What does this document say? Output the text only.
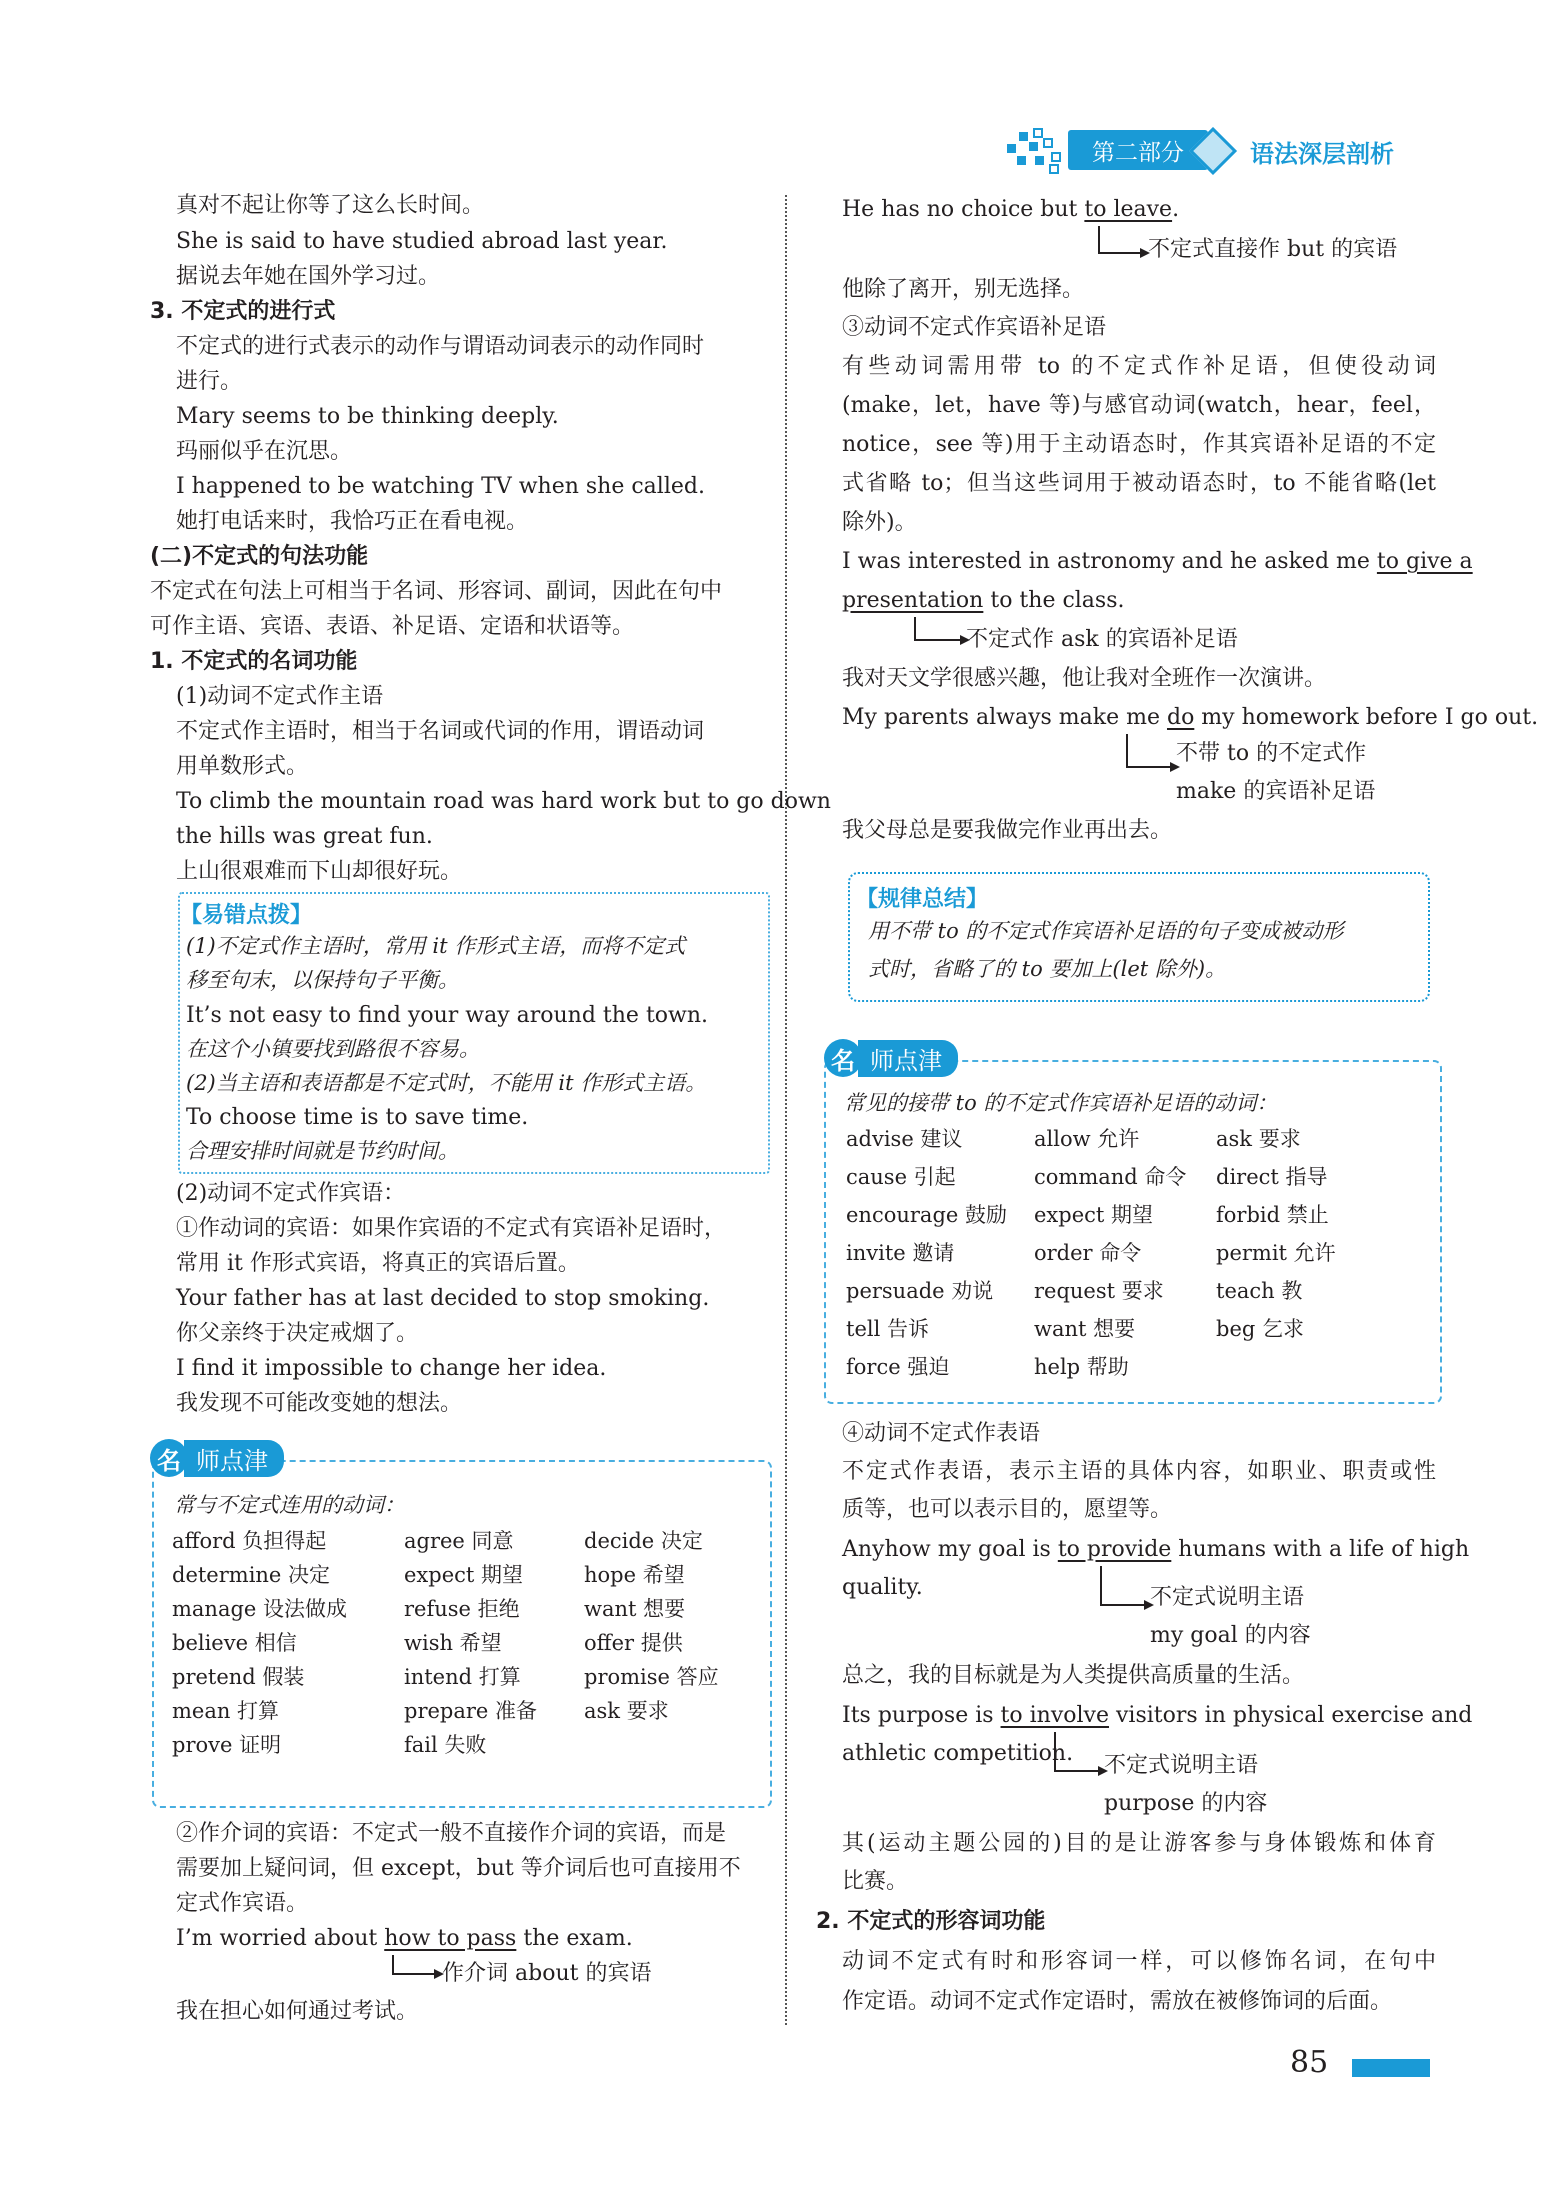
第二部分	语法深层剖析
真对不起让你等了这么长时间。
She is said to have studied abroad last year.
据说去年她在国外学习过。
3. 不定式的进行式
不定式的进行式表示的动作与谓语动词表示的动作同时
进行。
Mary seems to be thinking deeply.
玛丽似乎在沉思。
I happened to be watching TV when she called.
她打电话来时，我恰巧正在看电视。
(二)不定式的句法功能
不定式在句法上可相当于名词、形容词、副词，因此在句中
可作主语、宾语、表语、补足语、定语和状语等。
1. 不定式的名词功能
(1)动词不定式作主语
不定式作主语时，相当于名词或代词的作用，谓语动词
用单数形式。
To climb the mountain road was hard work but to go down
the hills was great fun.
上山很艰难而下山却很好玩。
【易错点拨】
(1)不定式作主语时，常用 it 作形式主语，而将不定式
移至句末，以保持句子平衡。
It’s not easy to find your way around the town.
在这个小镇要找到路很不容易。
(2)当主语和表语都是不定式时，不能用 it 作形式主语。
To choose time is to save time.
合理安排时间就是节约时间。
(2)动词不定式作宾语：
①作动词的宾语：如果作宾语的不定式有宾语补足语时，
常用 it 作形式宾语，将真正的宾语后置。
Your father has at last decided to stop smoking.
你父亲终于决定戒烟了。
I find it impossible to change her idea.
我发现不可能改变她的想法。
名 师点津
常与不定式连用的动词：
afford 负担得起	agree 同意	decide 决定
determine 决定	expect 期望	hope 希望
manage 设法做成	refuse 拒绝	want 想要
believe 相信	wish 希望	offer 提供
pretend 假装	intend 打算	promise 答应
mean 打算	prepare 准备 ask 要求
prove 证明	fail 失败
②作介词的宾语：不定式一般不直接作介词的宾语，而是
需要加上疑问词，但 except，but 等介词后也可直接用不
定式作宾语。
I’m worried about how to pass the exam.
作介词 about 的宾语
我在担心如何通过考试。
He has no choice but to leave.
不定式直接作 but 的宾语
他除了离开，别无选择。
③动词不定式作宾语补足语
有些动词需用带 to 的不定式作补足语，但使役动词
(make，let，have 等)与感官动词(watch，hear，feel，
notice，see 等)用于主动语态时，作其宾语补足语的不定
式省略 to；但当这些词用于被动语态时，to 不能省略(let
除外)。
I was interested in astronomy and he asked me to give a
presentation to the class.
不定式作 ask 的宾语补足语
我对天文学很感兴趣，他让我对全班作一次演讲。
My parents always make me do my homework before I go out.
不带 to 的不定式作
make 的宾语补足语
我父母总是要我做完作业再出去。
【规律总结】
用不带 to 的不定式作宾语补足语的句子变成被动形
式时，省略了的 to 要加上(let 除外)。
名 师点津
常见的接带 to 的不定式作宾语补足语的动词：
advise 建议	allow 允许	ask 要求
cause 引起	command 命令 direct 指导
encourage 鼓励 expect 期望	forbid 禁止
invite 邀请	order 命令	permit 允许
persuade 劝说 request 要求 teach 教
tell 告诉	want 想要	beg 乞求
force 强迫	help 帮助
④动词不定式作表语
不定式作表语，表示主语的具体内容，如职业、职责或性
质等，也可以表示目的，愿望等。
Anyhow my goal is to provide humans with a life of high
quality.	不定式说明主语
my goal 的内容
总之，我的目标就是为人类提供高质量的生活。
Its purpose is to involve visitors in physical exercise and
athletic competition. 不定式说明主语
purpose 的内容
其(运动主题公园的)目的是让游客参与身体锻炼和体育
比赛。
2. 不定式的形容词功能
动词不定式有时和形容词一样，可以修饰名词，在句中
作定语。动词不定式作定语时，需放在被修饰词的后面。
85
